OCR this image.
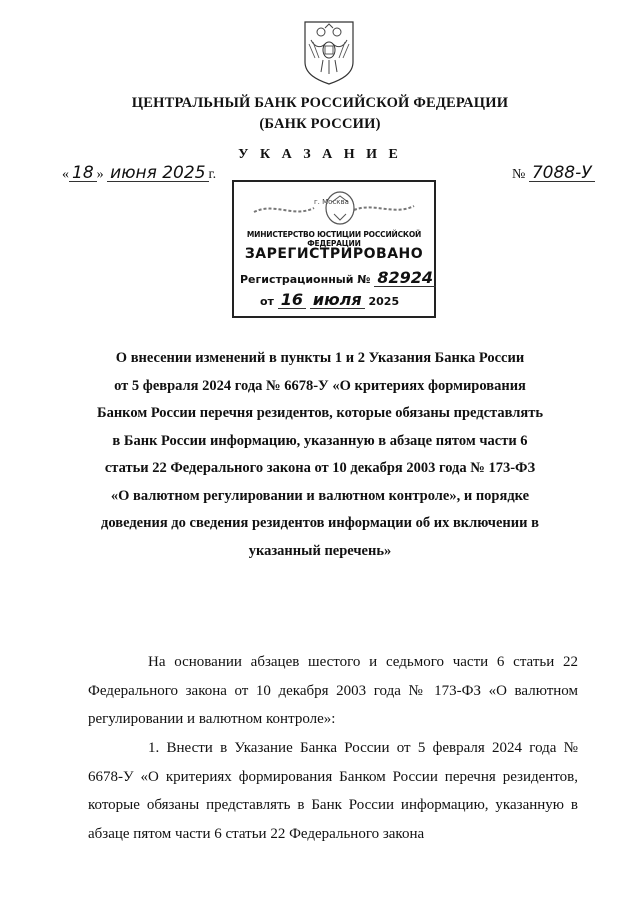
ЦЕНТРАЛЬНЫЙ БАНК РОССИЙСКОЙ ФЕДЕРАЦИИ
(БАНК РОССИИ)
У К А З А Н И Е
« 18 » июня 2025 г.	№ 7088-У
г. Москва
МИНИСТЕРСТВО ЮСТИЦИИ РОССИЙСКОЙ ФЕДЕРАЦИИ
ЗАРЕГИСТРИРОВАНО
Регистрационный № 82924
от 16 июля 2025
О внесении изменений в пункты 1 и 2 Указания Банка России
от 5 февраля 2024 года № 6678-У «О критериях формирования
Банком России перечня резидентов, которые обязаны представлять
в Банк России информацию, указанную в абзаце пятом части 6
статьи 22 Федерального закона от 10 декабря 2003 года № 173-ФЗ
«О валютном регулировании и валютном контроле», и порядке
доведения до сведения резидентов информации об их включении в
указанный перечень»
На основании абзацев шестого и седьмого части 6 статьи 22 Федерального закона от 10 декабря 2003 года № 173-ФЗ «О валютном регулировании и валютном контроле»:
1. Внести в Указание Банка России от 5 февраля 2024 года № 6678-У «О критериях формирования Банком России перечня резидентов, которые обязаны представлять в Банк России информацию, указанную в абзаце пятом части 6 статьи 22 Федерального закона
